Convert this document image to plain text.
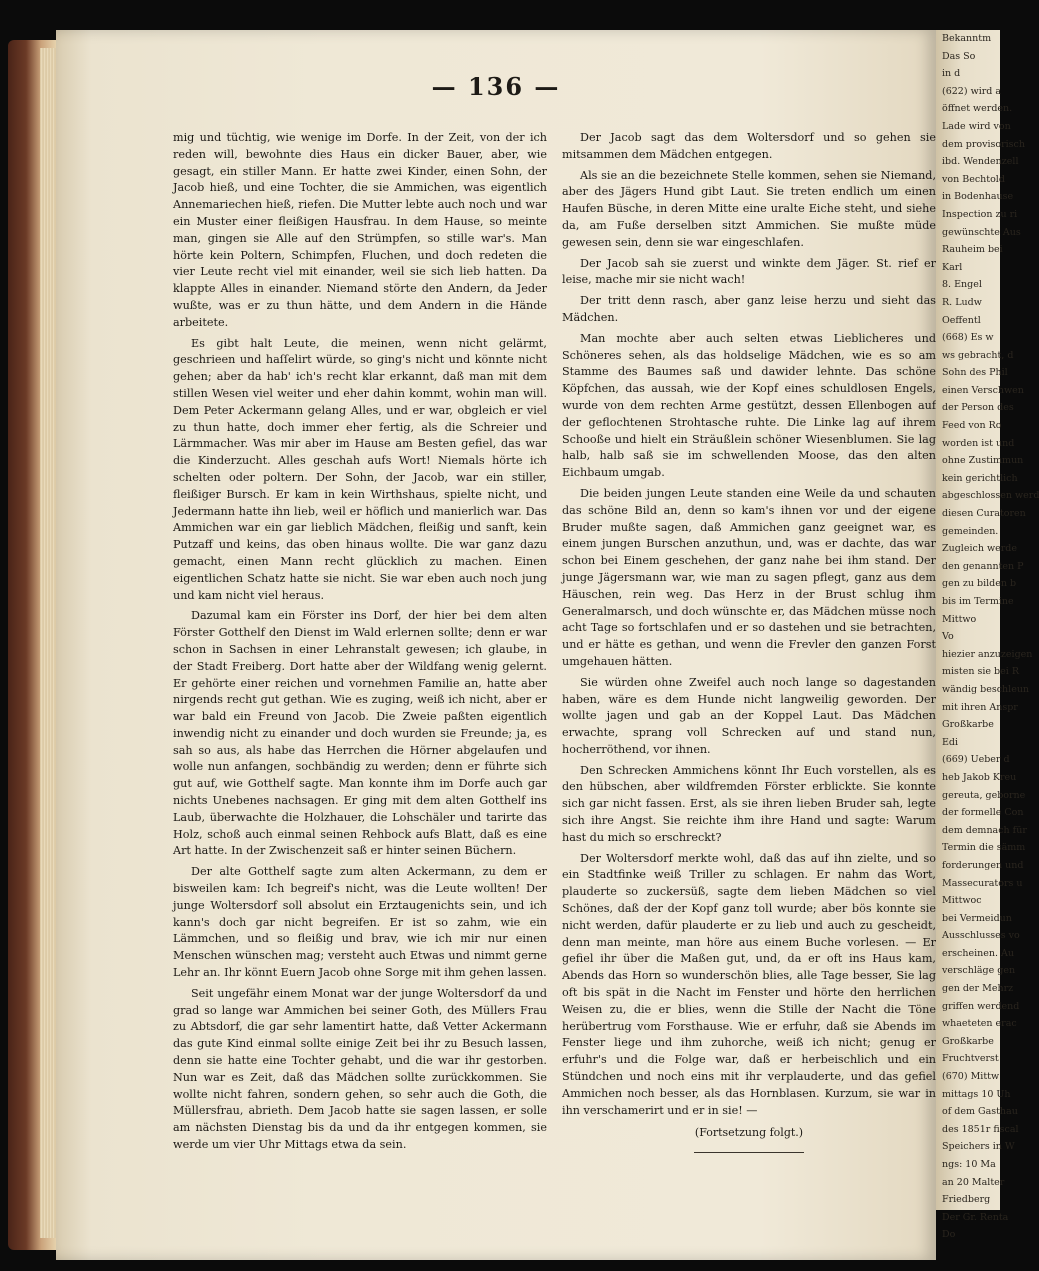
— 136 —

mig und tüchtig, wie wenige im Dorfe. In der Zeit, von der ich reden will, bewohnte dies Haus ein dicker Bauer, aber, wie gesagt, ein stiller Mann. Er hatte zwei Kinder, einen Sohn, der Jacob hieß, und eine Tochter, die sie Ammichen, was eigentlich Annemariechen hieß, riefen. Die Mutter lebte auch noch und war ein Muster einer fleißigen Hausfrau. In dem Hause, so meinte man, gingen sie Alle auf den Strümpfen, so stille war's. Man hörte kein Poltern, Schimpfen, Fluchen, und doch redeten die vier Leute recht viel mit einander, weil sie sich lieb hatten. Da klappte Alles in einander. Niemand störte den Andern, da Jeder wußte, was er zu thun hätte, und dem Andern in die Hände arbeitete.

Es gibt halt Leute, die meinen, wenn nicht gelärmt, geschrieen und haſſelirt würde, so ging's nicht und könnte nicht gehen; aber da hab' ich's recht klar erkannt, daß man mit dem stillen Wesen viel weiter und eher dahin kommt, wohin man will. Dem Peter Ackermann gelang Alles, und er war, obgleich er viel zu thun hatte, doch immer eher fertig, als die Schreier und Lärmmacher. Was mir aber im Hause am Besten gefiel, das war die Kinderzucht. Alles geschah aufs Wort! Niemals hörte ich schelten oder poltern. Der Sohn, der Jacob, war ein stiller, fleißiger Bursch. Er kam in kein Wirthshaus, spielte nicht, und Jedermann hatte ihn lieb, weil er höflich und manierlich war. Das Ammichen war ein gar lieblich Mädchen, fleißig und sanft, kein Putzaff und keins, das oben hinaus wollte. Die war ganz dazu gemacht, einen Mann recht glücklich zu machen. Einen eigentlichen Schatz hatte sie nicht. Sie war eben auch noch jung und kam nicht viel heraus.

Dazumal kam ein Förster ins Dorf, der hier bei dem alten Förster Gotthelf den Dienst im Wald erlernen sollte; denn er war schon in Sachsen in einer Lehranstalt gewesen; ich glaube, in der Stadt Freiberg. Dort hatte aber der Wildfang wenig gelernt. Er gehörte einer reichen und vornehmen Familie an, hatte aber nirgends recht gut gethan. Wie es zuging, weiß ich nicht, aber er war bald ein Freund von Jacob. Die Zweie paßten eigentlich inwendig nicht zu einander und doch wurden sie Freunde; ja, es sah so aus, als habe das Herrchen die Hörner abgelaufen und wolle nun anfangen, sochbändig zu werden; denn er führte sich gut auf, wie Gotthelf sagte. Man konnte ihm im Dorfe auch gar nichts Unebenes nachsagen. Er ging mit dem alten Gotthelf ins Laub, überwachte die Holzhauer, die Lohschäler und tarirte das Holz, schoß auch einmal seinen Rehbock aufs Blatt, daß es eine Art hatte. In der Zwischenzeit saß er hinter seinen Büchern.

Der alte Gotthelf sagte zum alten Ackermann, zu dem er bisweilen kam: Ich begreif's nicht, was die Leute wollten! Der junge Woltersdorf soll absolut ein Erztaugenichts sein, und ich kann's doch gar nicht begreifen. Er ist so zahm, wie ein Lämmchen, und so fleißig und brav, wie ich mir nur einen Menschen wünschen mag; versteht auch Etwas und nimmt gerne Lehr an. Ihr könnt Euern Jacob ohne Sorge mit ihm gehen lassen.

Seit ungefähr einem Monat war der junge Woltersdorf da und grad so lange war Ammichen bei seiner Goth, des Müllers Frau zu Abtsdorf, die gar sehr lamentirt hatte, daß Vetter Ackermann das gute Kind einmal sollte einige Zeit bei ihr zu Besuch lassen, denn sie hatte eine Tochter gehabt, und die war ihr gestorben. Nun war es Zeit, daß das Mädchen sollte zurückkommen. Sie wollte nicht fahren, sondern gehen, so sehr auch die Goth, die Müllersfrau, abrieth. Dem Jacob hatte sie sagen lassen, er solle am nächsten Dienstag bis da und da ihr entgegen kommen, sie werde um vier Uhr Mittags etwa da sein.

Der Jacob sagt das dem Woltersdorf und so gehen sie mitsammen dem Mädchen entgegen.

Als sie an die bezeichnete Stelle kommen, sehen sie Niemand, aber des Jägers Hund gibt Laut. Sie treten endlich um einen Haufen Büsche, in deren Mitte eine uralte Eiche steht, und siehe da, am Fuße derselben sitzt Ammichen. Sie mußte müde gewesen sein, denn sie war eingeschlafen.

Der Jacob sah sie zuerst und winkte dem Jäger. St. rief er leise, mache mir sie nicht wach!

Der tritt denn rasch, aber ganz leise herzu und sieht das Mädchen.

Man mochte aber auch selten etwas Lieblicheres und Schöneres sehen, als das holdselige Mädchen, wie es so am Stamme des Baumes saß und dawider lehnte. Das schöne Köpfchen, das aussah, wie der Kopf eines schuldlosen Engels, wurde von dem rechten Arme gestützt, dessen Ellenbogen auf der geflochtenen Strohtasche ruhte. Die Linke lag auf ihrem Schooße und hielt ein Sträußlein schöner Wiesenblumen. Sie lag halb, halb saß sie im schwellenden Moose, das den alten Eichbaum umgab.

Die beiden jungen Leute standen eine Weile da und schauten das schöne Bild an, denn so kam's ihnen vor und der eigene Bruder mußte sagen, daß Ammichen ganz geeignet war, es einem jungen Burschen anzuthun, und, was er dachte, das war schon bei Einem geschehen, der ganz nahe bei ihm stand. Der junge Jägersmann war, wie man zu sagen pflegt, ganz aus dem Häuschen, rein weg. Das Herz in der Brust schlug ihm Generalmarsch, und doch wünschte er, das Mädchen müsse noch acht Tage so fortschlafen und er so dastehen und sie betrachten, und er hätte es gethan, und wenn die Frevler den ganzen Forst umgehauen hätten.

Sie würden ohne Zweifel auch noch lange so dagestanden haben, wäre es dem Hunde nicht langweilig geworden. Der wollte jagen und gab an der Koppel Laut. Das Mädchen erwachte, sprang voll Schrecken auf und stand nun, hocherröthend, vor ihnen.

Den Schrecken Ammichens könnt Ihr Euch vorstellen, als es den hübschen, aber wildfremden Förster erblickte. Sie konnte sich gar nicht fassen. Erst, als sie ihren lieben Bruder sah, legte sich ihre Angst. Sie reichte ihm ihre Hand und sagte: Warum hast du mich so erschreckt?

Der Woltersdorf merkte wohl, daß das auf ihn zielte, und so ein Stadtfinke weiß Triller zu schlagen. Er nahm das Wort, plauderte so zuckersüß, sagte dem lieben Mädchen so viel Schönes, daß der der Kopf ganz toll wurde; aber bös konnte sie nicht werden, dafür plauderte er zu lieb und auch zu gescheidt, denn man meinte, man höre aus einem Buche vorlesen. — Er gefiel ihr über die Maßen gut, und, da er oft ins Haus kam, Abends das Horn so wunderschön blies, alle Tage besser, Sie lag oft bis spät in die Nacht im Fenster und hörte den herrlichen Weisen zu, die er blies, wenn die Stille der Nacht die Töne herübertrug vom Forsthause. Wie er erfuhr, daß sie Abends im Fenster liege und ihm zuhorche, weiß ich nicht; genug er erfuhr's und die Folge war, daß er herbeischlich und ein Stündchen und noch eins mit ihr verplauderte, und das gefiel Ammichen noch besser, als das Hornblasen. Kurzum, sie war in ihn verschamerirt und er in sie! —

(Fortsetzung folgt.)

Bekanntm
Das So
in d
(622) wird a
öffnet werden.
Lade wird von
dem provisorisch
ibd. Wendenzell
von Bechtold
in Bodenhause
Inspection zu ri
gewünschte Aus
Rauheim bei
Karl
8. Engel
R. Ludw
Oeffentl
(668) Es w
ws gebracht, d
Sohn des Phil
einen Verschwen
der Person des
Feed von Ro
worden ist und
ohne Zustimmun
kein gerichtlich
abgeschlossen werd
diesen Curatoren
gemeinden.
Zugleich werde
den genannten P
gen zu bilden b
bis im Termine
Mittwo
Vo
hiezier anzuzeigen
misten sie bei R
wändig beschleun
mit ihren Anspr
Großkarbe
Edi
(669) Ueber d
heb Jakob Kreu
gereuta, geborne
der formelle Con
dem demnach für
Termin die sämm
forderungen und
Massecurators u
Mittwoc
bei Vermeidun
Ausschlusses vo
erscheinen. Au
verschläge gen
gen der Mehrz
griffen werdend
whaeteten erac
Großkarbe
Fruchtverst
(670) Mittw
mittags 10 Uh
of dem Gasthau
des 1851r fiscal
Speichers in W
ngs: 10 Ma
an 20 Malter
Friedberg
Der Gr. Renta
Do
